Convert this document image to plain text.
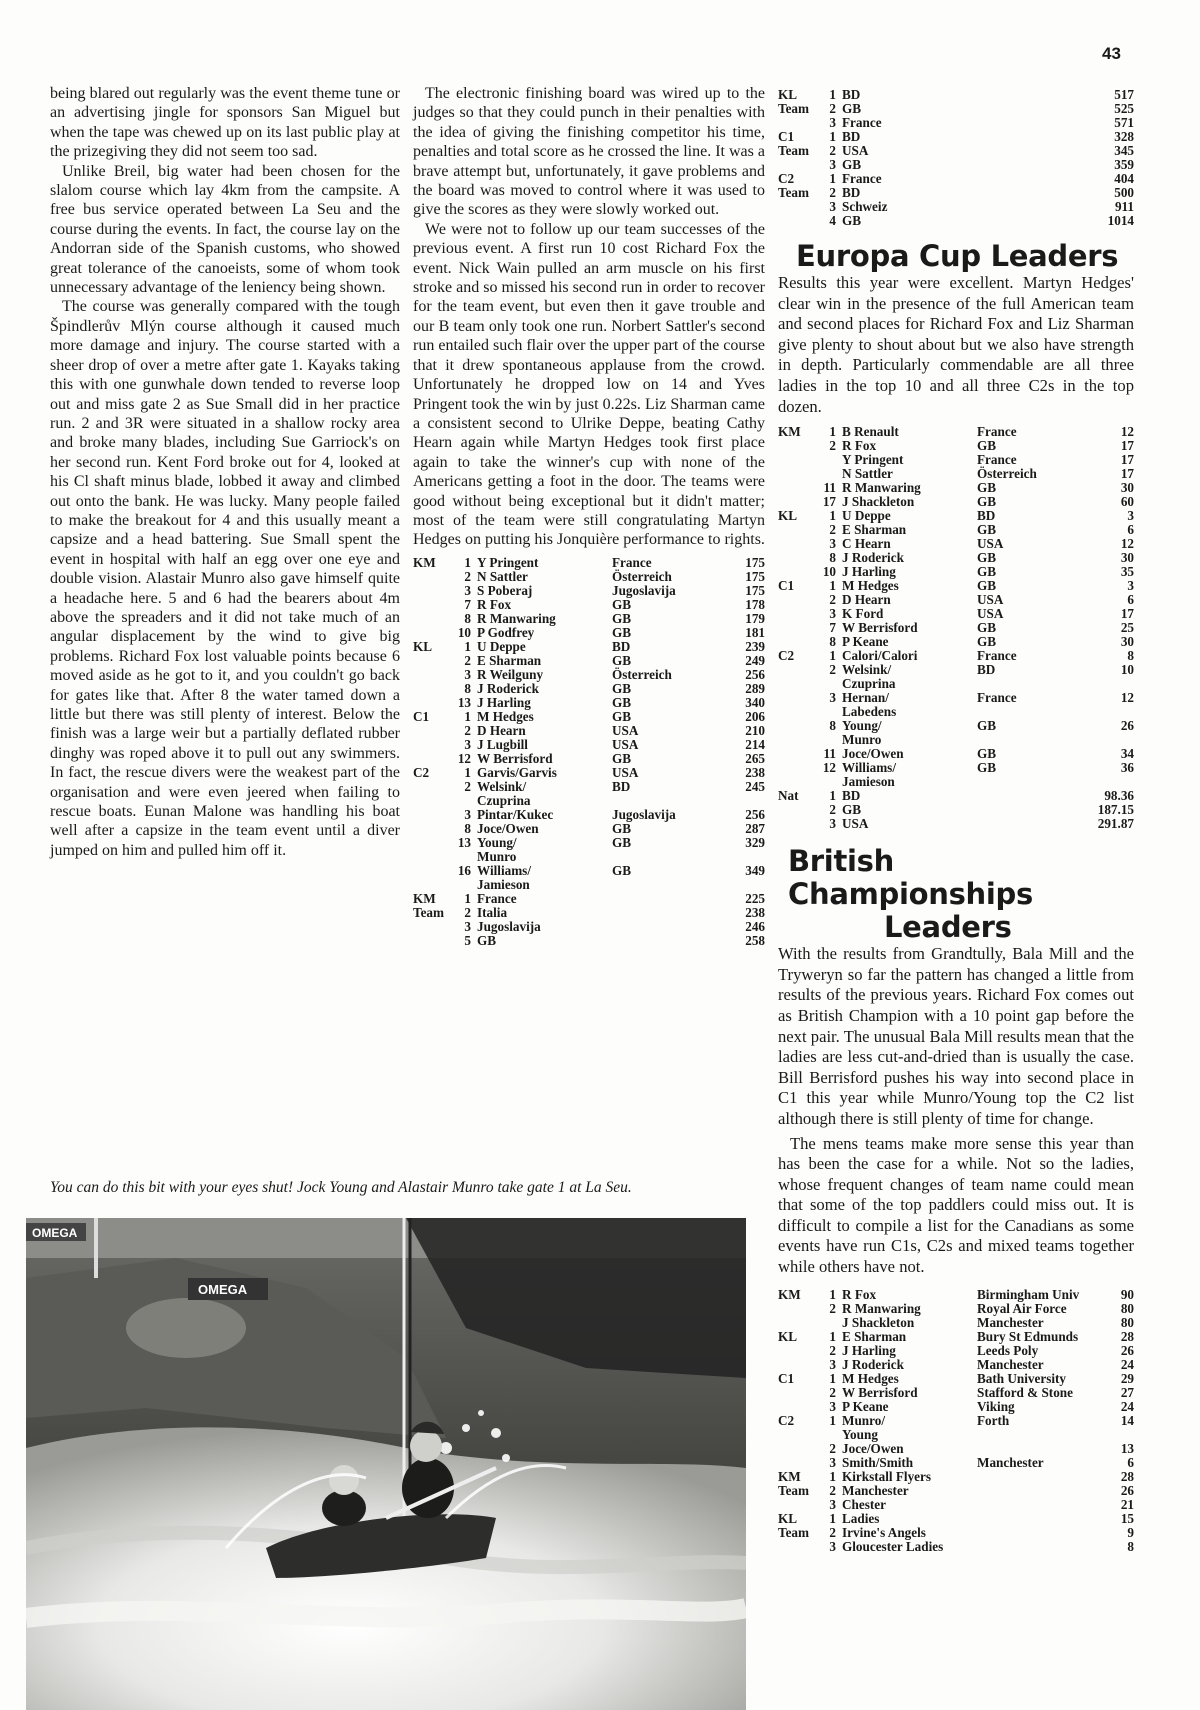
43

being blared out regularly was the event theme tune or an advertising jingle for sponsors San Miguel but when the tape was chewed up on its last public play at the prizegiving they did not seem too sad.

Unlike Breil, big water had been chosen for the slalom course which lay 4km from the campsite. A free bus service operated between La Seu and the course during the events. In fact, the course lay on the Andorran side of the Spanish customs, who showed great tolerance of the canoeists, some of whom took unnecessary advantage of the leniency being shown.

The course was generally compared with the tough Špindlerův Mlýn course although it caused much more damage and injury. The course started with a sheer drop of over a metre after gate 1. Kayaks taking this with one gunwhale down tended to reverse loop out and miss gate 2 as Sue Small did in her practice run. 2 and 3R were situated in a shallow rocky area and broke many blades, including Sue Garriock's on her second run. Kent Ford broke out for 4, looked at his Cl shaft minus blade, lobbed it away and climbed out onto the bank. He was lucky. Many people failed to make the breakout for 4 and this usually meant a capsize and a head battering. Sue Small spent the event in hospital with half an egg over one eye and double vision. Alastair Munro also gave himself quite a headache here. 5 and 6 had the bearers about 4m above the spreaders and it did not take much of an angular displacement by the wind to give big problems. Richard Fox lost valuable points because 6 moved aside as he got to it, and you couldn't go back for gates like that. After 8 the water tamed down a little but there was still plenty of interest. Below the finish was a large weir but a partially deflated rubber dinghy was roped above it to pull out any swimmers. In fact, the rescue divers were the weakest part of the organisation and were even jeered when failing to rescue boats. Eunan Malone was handling his boat well after a capsize in the team event until a diver jumped on him and pulled him off it.

The electronic finishing board was wired up to the judges so that they could punch in their penalties with the idea of giving the finishing competitor his time, penalties and total score as he crossed the line. It was a brave attempt but, unfortunately, it gave problems and the board was moved to control where it was used to give the scores as they were slowly worked out.

We were not to follow up our team successes of the previous event. A first run 10 cost Richard Fox the event. Nick Wain pulled an arm muscle on his first stroke and so missed his second run in order to recover for the team event, but even then it gave trouble and our B team only took one run. Norbert Sattler's second run entailed such flair over the upper part of the course that it drew spontaneous applause from the crowd. Unfortunately he dropped low on 14 and Yves Pringent took the win by just 0.22s. Liz Sharman came a consistent second to Ulrike Deppe, beating Cathy Hearn again while Martyn Hedges took first place again to take the winner's cup with none of the Americans getting a foot in the door. The teams were good without being exceptional but it didn't matter; most of the team were still congratulating Martyn Hedges on putting his Jonquière performance to rights.

KM	1	Y Pringent	France	175
	2	N Sattler	Österreich	175
	3	S Poberaj	Jugoslavija	175
	7	R Fox	GB	178
	8	R Manwaring	GB	179
	10	P Godfrey	GB	181
KL	1	U Deppe	BD	239
	2	E Sharman	GB	249
	3	R Weilguny	Österreich	256
	8	J Roderick	GB	289
	13	J Harling	GB	340
C1	1	M Hedges	GB	206
	2	D Hearn	USA	210
	3	J Lugbill	USA	214
	12	W Berrisford	GB	265
C2	1	Garvis/Garvis	USA	238
	2	Welsink/	BD	245
		Czuprina		
	3	Pintar/Kukec	Jugoslavija	256
	8	Joce/Owen	GB	287
	13	Young/	GB	329
		Munro		
	16	Williams/	GB	349
		Jamieson		
KM	1	France		225
Team	2	Italia		238
	3	Jugoslavija		246
	5	GB		258
KL	1	BD	517
Team	2	GB	525
	3	France	571
C1	1	BD	328
Team	2	USA	345
	3	GB	359
C2	1	France	404
Team	2	BD	500
	3	Schweiz	911
	4	GB	1014
Europa Cup Leaders

Results this year were excellent. Martyn Hedges' clear win in the presence of the full American team and second places for Richard Fox and Liz Sharman give plenty to shout about but we also have strength in depth. Particularly commendable are all three ladies in the top 10 and all three C2s in the top dozen.

KM	1	B Renault	France	12
	2	R Fox	GB	17
		Y Pringent	France	17
		N Sattler	Österreich	17
	11	R Manwaring	GB	30
	17	J Shackleton	GB	60
KL	1	U Deppe	BD	3
	2	E Sharman	GB	6
	3	C Hearn	USA	12
	8	J Roderick	GB	30
	10	J Harling	GB	35
C1	1	M Hedges	GB	3
	2	D Hearn	USA	6
	3	K Ford	USA	17
	7	W Berrisford	GB	25
	8	P Keane	GB	30
C2	1	Calori/Calori	France	8
	2	Welsink/	BD	10
		Czuprina		
	3	Hernan/	France	12
		Labedens		
	8	Young/	GB	26
		Munro		
	11	Joce/Owen	GB	34
	12	Williams/	GB	36
		Jamieson		
Nat	1	BD	98.36
	2	GB	187.15
	3	USA	291.87
British Championships
Leaders

With the results from Grandtully, Bala Mill and the Tryweryn so far the pattern has changed a little from results of the previous years. Richard Fox comes out as British Champion with a 10 point gap before the next pair. The unusual Bala Mill results mean that the ladies are less cut-and-dried than is usually the case. Bill Berrisford pushes his way into second place in C1 this year while Munro/Young top the C2 list although there is still plenty of time for change.

The mens teams make more sense this year than has been the case for a while. Not so the ladies, whose frequent changes of team name could mean that some of the top paddlers could miss out. It is difficult to compile a list for the Canadians as some events have run C1s, C2s and mixed teams together while others have not.

KM	1	R Fox	Birmingham Univ	90
	2	R Manwaring	Royal Air Force	80
		J Shackleton	Manchester	80
KL	1	E Sharman	Bury St Edmunds	28
	2	J Harling	Leeds Poly	26
	3	J Roderick	Manchester	24
C1	1	M Hedges	Bath University	29
	2	W Berrisford	Stafford & Stone	27
	3	P Keane	Viking	24
C2	1	Munro/	Forth	14
		Young		
	2	Joce/Owen		13
	3	Smith/Smith	Manchester	6
KM	1	Kirkstall Flyers		28
Team	2	Manchester		26
	3	Chester		21
KL	1	Ladies		15
Team	2	Irvine's Angels		9
	3	Gloucester Ladies		8
You can do this bit with your eyes shut! Jock Young and Alastair Munro take gate 1 at La Seu.
OMEGA
OMEGA
